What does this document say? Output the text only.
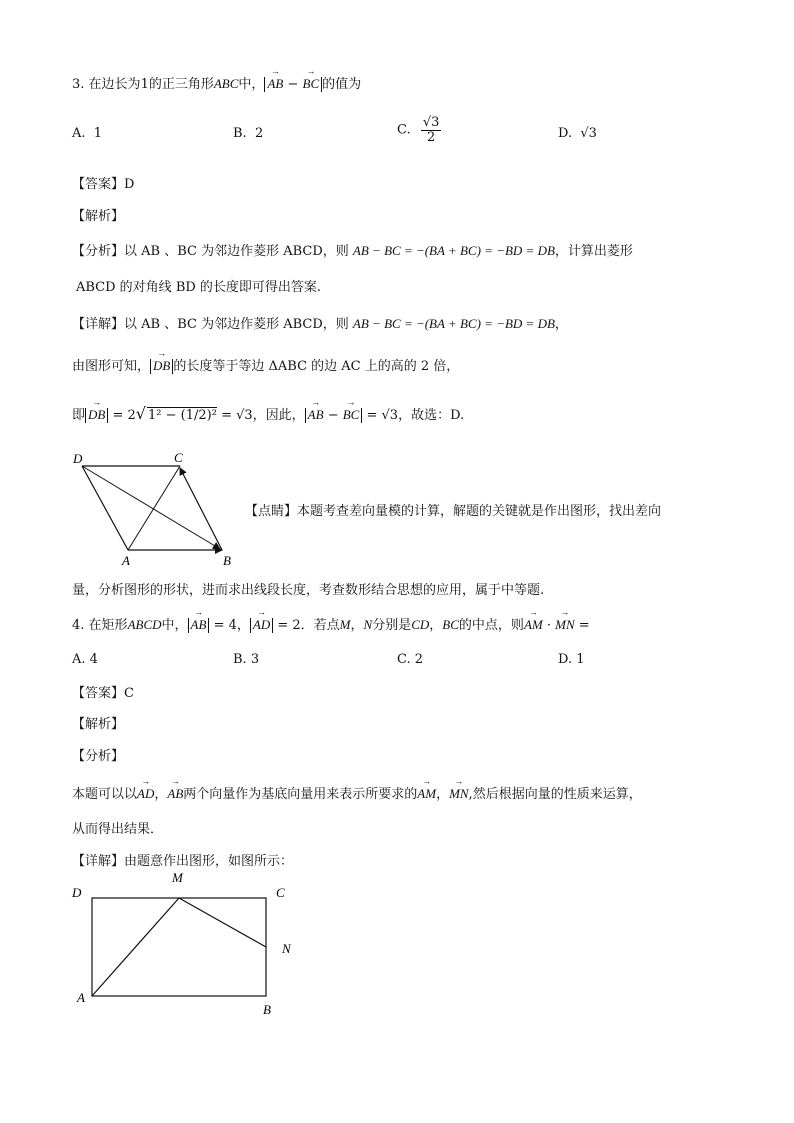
3. 在边长为1的正三角形ABC中， → AB − → BC 的值为
A. 1	B. 2	C. $\frac{√3}{2}$	D. √3
【答案】D
【解析】
【分析】以 AB 、BC 为邻边作菱形 ABCD，则 AB − BC = −(BA + BC) = −BD = DB，计算出菱形
ABCD 的对角线 BD 的长度即可得出答案.
【详解】以 AB 、BC 为邻边作菱形 ABCD，则 AB − BC = −(BA + BC) = −BD = DB，
由图形可知， → DB 的长度等于等边 ΔABC 的边 AC 上的高的 2 倍，
即 → DB = 2√ 1² − (1/2)² = √3，因此， → AB − → BC = √3，故选：D.
D	C
A	B
【点睛】本题考查差向量模的计算，解题的关键就是作出图形，找出差向
量，分析图形的形状，进而求出线段长度，考查数形结合思想的应用，属于中等题.
4. 在矩形ABCD中， → AB = 4， → AD = 2．若点M，N分别是CD，BC的中点，则→ AM · → MN =
A. 4	B. 3	C. 2	D. 1
【答案】C
【解析】
【分析】
本题可以以→ AD，→ AB两个向量作为基底向量用来表示所要求的→ AM，→ MN,然后根据向量的性质来运算，
从而得出结果．
【详解】由题意作出图形，如图所示：
D
M
C
N
A
B
